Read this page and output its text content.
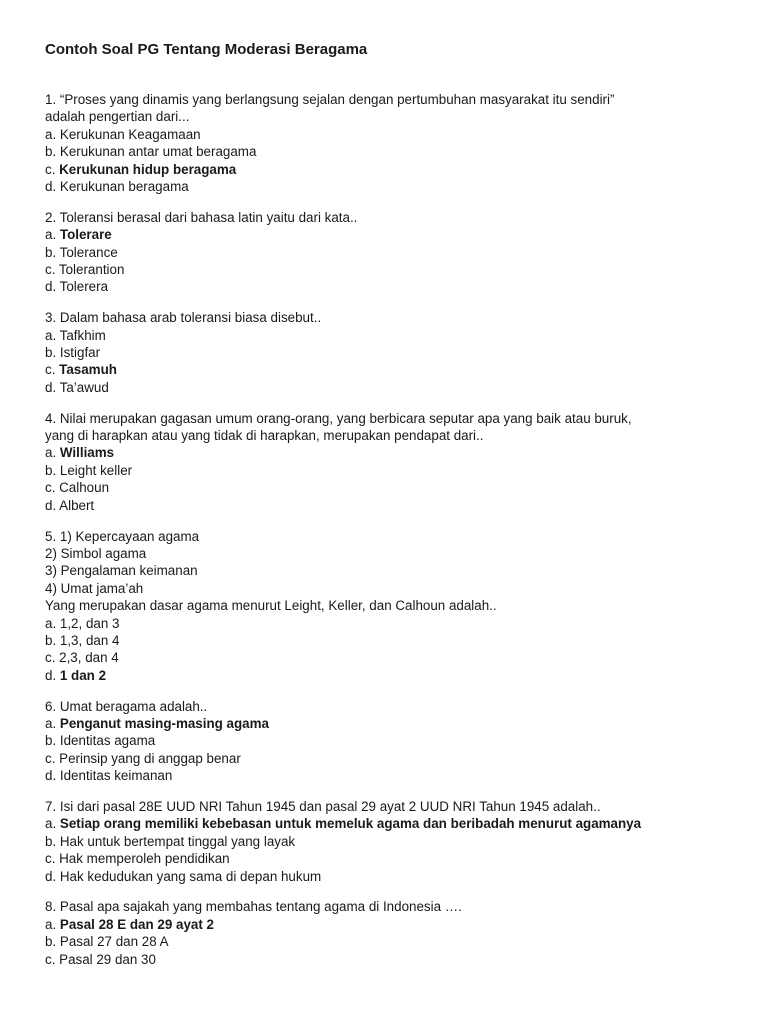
Contoh Soal PG Tentang Moderasi Beragama
1. “Proses yang dinamis yang berlangsung sejalan dengan pertumbuhan masyarakat itu sendiri”
adalah pengertian dari...
a. Kerukunan Keagamaan
b. Kerukunan antar umat beragama
c. Kerukunan hidup beragama
d. Kerukunan beragama
2. Toleransi berasal dari bahasa latin yaitu dari kata..
a. Tolerare
b. Tolerance
c. Tolerantion
d. Tolerera
3. Dalam bahasa arab toleransi biasa disebut..
a. Tafkhim
b. Istigfar
c. Tasamuh
d. Ta’awud
4. Nilai merupakan gagasan umum orang-orang, yang berbicara seputar apa yang baik atau buruk,
yang di harapkan atau yang tidak di harapkan, merupakan pendapat dari..
a. Williams
b. Leight keller
c. Calhoun
d. Albert
5. 1) Kepercayaan agama
2) Simbol agama
3) Pengalaman keimanan
4) Umat jama’ah
Yang merupakan dasar agama menurut Leight, Keller, dan Calhoun adalah..
a. 1,2, dan 3
b. 1,3, dan 4
c. 2,3, dan 4
d. 1 dan 2
6. Umat beragama adalah..
a. Penganut masing-masing agama
b. Identitas agama
c. Perinsip yang di anggap benar
d. Identitas keimanan
7. Isi dari pasal 28E UUD NRI Tahun 1945 dan pasal 29 ayat 2 UUD NRI Tahun 1945 adalah..
a. Setiap orang memiliki kebebasan untuk memeluk agama dan beribadah menurut agamanya
b. Hak untuk bertempat tinggal yang layak
c. Hak memperoleh pendidikan
d. Hak kedudukan yang sama di depan hukum
8. Pasal apa sajakah yang membahas tentang agama di Indonesia ….
a. Pasal 28 E dan 29 ayat 2
b. Pasal 27 dan 28 A
c. Pasal 29 dan 30
